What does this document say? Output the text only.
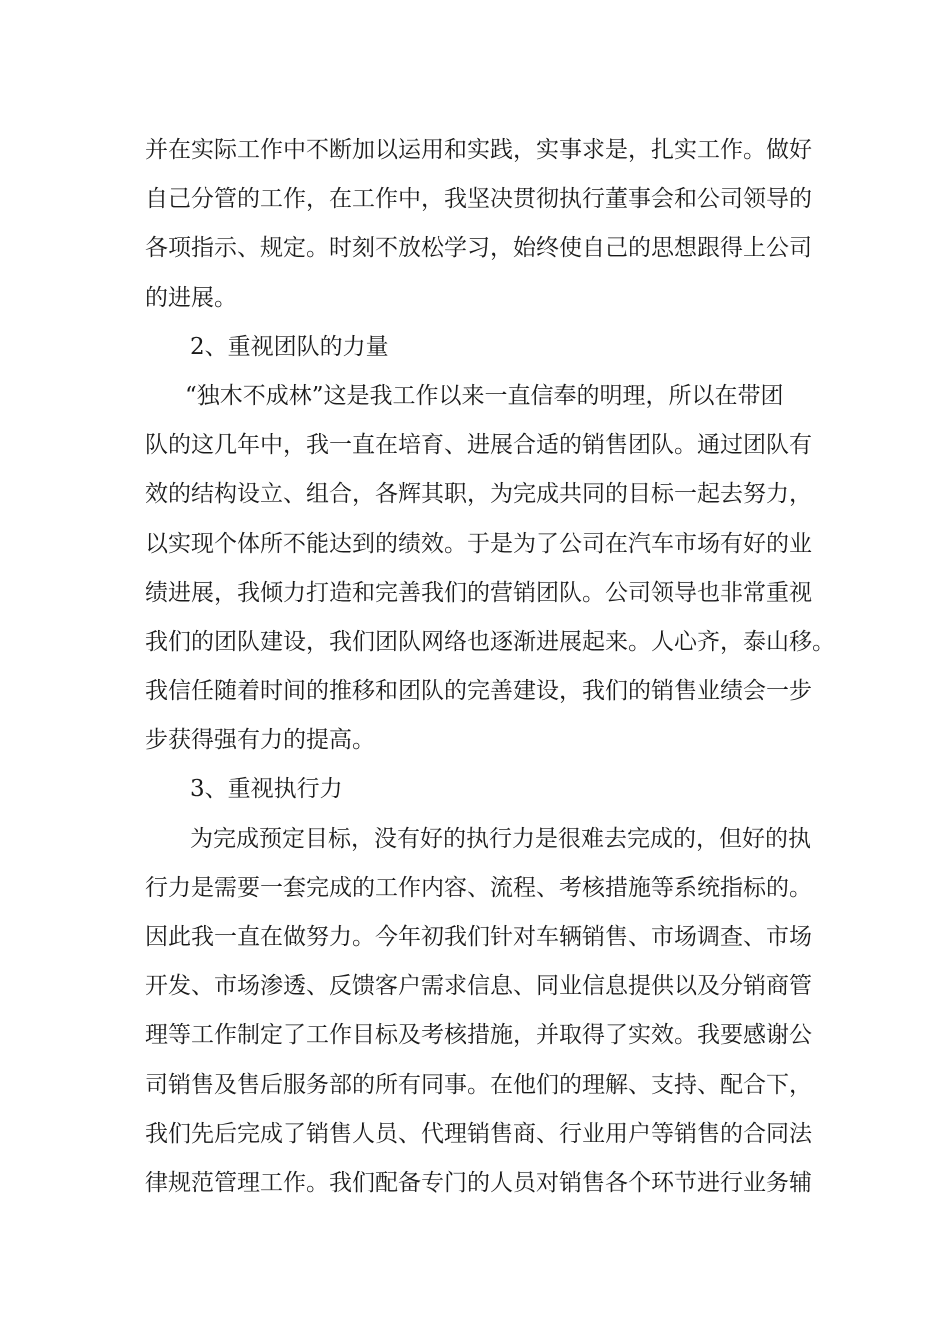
并在实际工作中不断加以运用和实践，实事求是，扎实工作。做好
自己分管的工作，在工作中，我坚决贯彻执行董事会和公司领导的
各项指示、规定。时刻不放松学习，始终使自己的思想跟得上公司
的进展。
2、重视团队的力量
“独木不成林”这是我工作以来一直信奉的明理，所以在带团
队的这几年中，我一直在培育、进展合适的销售团队。通过团队有
效的结构设立、组合，各辉其职，为完成共同的目标一起去努力，
以实现个体所不能达到的绩效。于是为了公司在汽车市场有好的业
绩进展，我倾力打造和完善我们的营销团队。公司领导也非常重视
我们的团队建设，我们团队网络也逐渐进展起来。人心齐，泰山移。
我信任随着时间的推移和团队的完善建设，我们的销售业绩会一步
步获得强有力的提高。
3、重视执行力
为完成预定目标，没有好的执行力是很难去完成的，但好的执
行力是需要一套完成的工作内容、流程、考核措施等系统指标的。
因此我一直在做努力。今年初我们针对车辆销售、市场调查、市场
开发、市场渗透、反馈客户需求信息、同业信息提供以及分销商管
理等工作制定了工作目标及考核措施，并取得了实效。我要感谢公
司销售及售后服务部的所有同事。在他们的理解、支持、配合下，
我们先后完成了销售人员、代理销售商、行业用户等销售的合同法
律规范管理工作。我们配备专门的人员对销售各个环节进行业务辅
